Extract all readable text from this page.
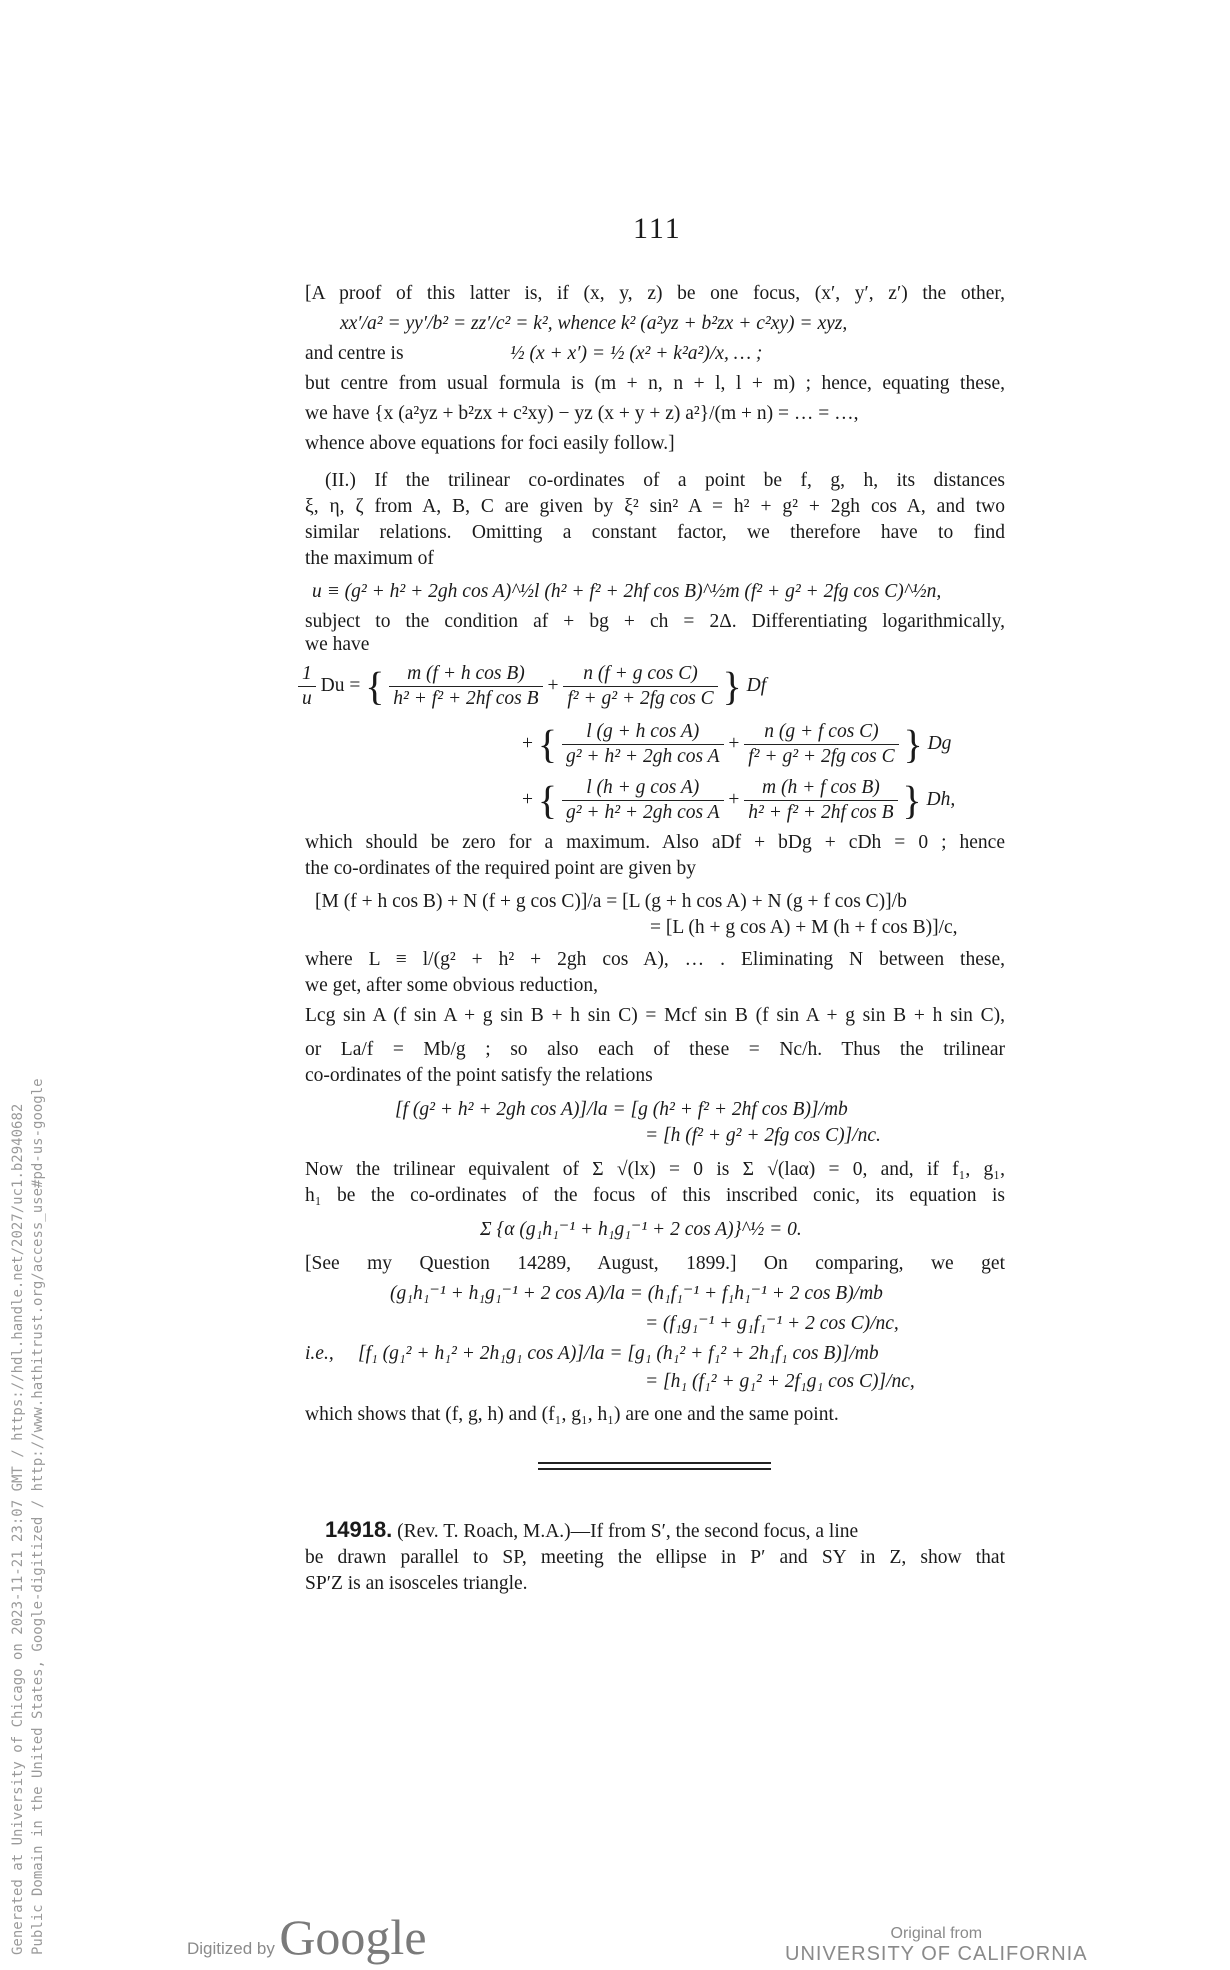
111
[A proof of this latter is, if (x, y, z) be one focus, (x′, y′, z′) the other,
xx′/a² = yy′/b² = zz′/c² = k², whence k² (a²yz + b²zx + c²xy) = xyz,
and centre is	½ (x + x′) = ½ (x² + k²a²)/x, … ;
but centre from usual formula is (m + n, n + l, l + m) ; hence, equating these,
we have {x (a²yz + b²zx + c²xy) − yz (x + y + z) a²}/(m + n) = … = …,
whence above equations for foci easily follow.]
(II.) If the trilinear co-ordinates of a point be f, g, h, its distances
ξ, η, ζ from A, B, C are given by ξ² sin² A = h² + g² + 2gh cos A, and two
similar relations. Omitting a constant factor, we therefore have to find
the maximum of
u ≡ (g² + h² + 2gh cos A)^½l (h² + f² + 2hf cos B)^½m (f² + g² + 2fg cos C)^½n,
subject to the condition af + bg + ch = 2Δ. Differentiating logarithmically,
we have
$\frac{1}{u}$ Du = { $\frac{\text{m (f + h cos B)}}{\text{h² + f² + 2hf cos B}} + \frac{\text{n (f + g cos C)}}{\text{f² + g² + 2fg cos C}}$ } Df
+ { $\frac{\text{l (g + h cos A)}}{\text{g² + h² + 2gh cos A}} + \frac{\text{n (g + f cos C)}}{\text{f² + g² + 2fg cos C}}$ } Dg
+ { $\frac{\text{l (h + g cos A)}}{\text{g² + h² + 2gh cos A}} + \frac{\text{m (h + f cos B)}}{\text{h² + f² + 2hf cos B}}$ } Dh,
which should be zero for a maximum. Also aDf + bDg + cDh = 0 ; hence
the co-ordinates of the required point are given by
[M (f + h cos B) + N (f + g cos C)]/a = [L (g + h cos A) + N (g + f cos C)]/b
= [L (h + g cos A) + M (h + f cos B)]/c,
where L ≡ l/(g² + h² + 2gh cos A), … . Eliminating N between these,
we get, after some obvious reduction,
Lcg sin A (f sin A + g sin B + h sin C) = Mcf sin B (f sin A + g sin B + h sin C),
or La/f = Mb/g ; so also each of these = Nc/h. Thus the trilinear
co-ordinates of the point satisfy the relations
[f (g² + h² + 2gh cos A)]/la = [g (h² + f² + 2hf cos B)]/mb
= [h (f² + g² + 2fg cos C)]/nc.
Now the trilinear equivalent of Σ √(lx) = 0 is Σ √(laα) = 0, and, if f₁, g₁,
h₁ be the co-ordinates of the focus of this inscribed conic, its equation is
Σ {α (g₁h₁⁻¹ + h₁g₁⁻¹ + 2 cos A)}^½ = 0.
[See my Question 14289, August, 1899.] On comparing, we get
(g₁h₁⁻¹ + h₁g₁⁻¹ + 2 cos A)/la = (h₁f₁⁻¹ + f₁h₁⁻¹ + 2 cos B)/mb
= (f₁g₁⁻¹ + g₁f₁⁻¹ + 2 cos C)/nc,
i.e., [f₁ (g₁² + h₁² + 2h₁g₁ cos A)]/la = [g₁ (h₁² + f₁² + 2h₁f₁ cos B)]/mb
= [h₁ (f₁² + g₁² + 2f₁g₁ cos C)]/nc,
which shows that (f, g, h) and (f₁, g₁, h₁) are one and the same point.
14918. (Rev. T. Roach, M.A.)—If from S′, the second focus, a line
be drawn parallel to SP, meeting the ellipse in P′ and SY in Z, show that
SP′Z is an isosceles triangle.
Generated at University of Chicago on 2023-11-21 23:07 GMT / https://hdl.handle.net/2027/uc1.b2940682 Public Domain in the United States, Google-digitized / http://www.hathitrust.org/access_use#pd-us-google	Digitized by Google	Original from
UNIVERSITY OF CALIFORNIA
